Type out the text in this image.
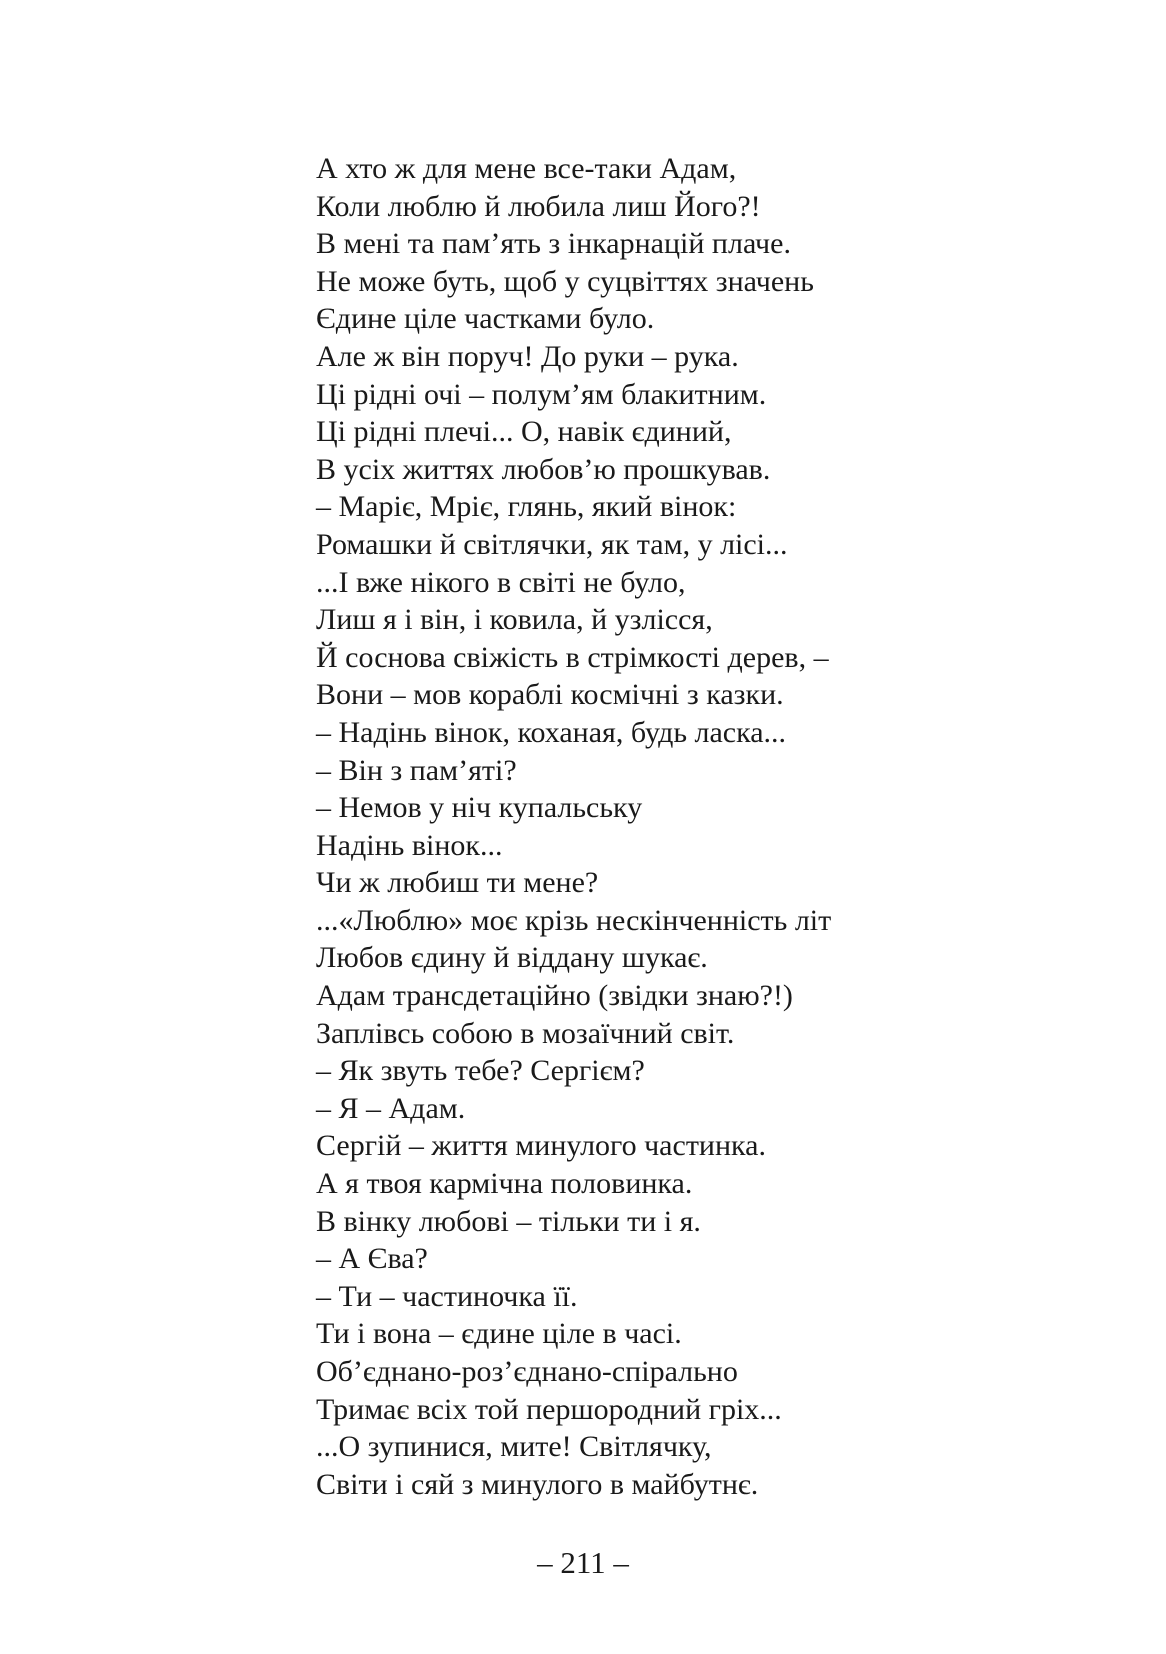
А хто ж для мене все-таки Адам,
Коли люблю й любила лиш Його?!
В мені та пам’ять з інкарнацій плаче.
Не може буть, щоб у суцвіттях значень
Єдине ціле частками було.
Але ж він поруч! До руки – рука.
Ці рідні очі – полум’ям блакитним.
Ці рідні плечі... О, навік єдиний,
В усіх життях любов’ю прошкував.
– Маріє, Мріє, глянь, який вінок:
Ромашки й світлячки, як там, у лісі...
...І вже нікого в світі не було,
Лиш я і він, і ковила, й узлісся,
Й соснова свіжість в стрімкості дерев, –
Вони – мов кораблі космічні з казки.
– Надінь вінок, коханая, будь ласка...
– Він з пам’яті?
– Немов у ніч купальську
Надінь вінок...
Чи ж любиш ти мене?
...«Люблю» моє крізь нескінченність літ
Любов єдину й віддану шукає.
Адам трансдетаційно (звідки знаю?!)
Заплівсь собою в мозаїчний світ.
– Як звуть тебе? Сергієм?
– Я – Адам.
Сергій – життя минулого частинка.
А я твоя кармічна половинка.
В вінку любові – тільки ти і я.
– А Єва?
– Ти – частиночка її.
Ти і вона – єдине ціле в часі.
Об’єднано-роз’єднано-спірально
Тримає всіх той першородний гріх...
...О зупинися, мите! Світлячку,
Світи і сяй з минулого в майбутнє.
– 211 –
